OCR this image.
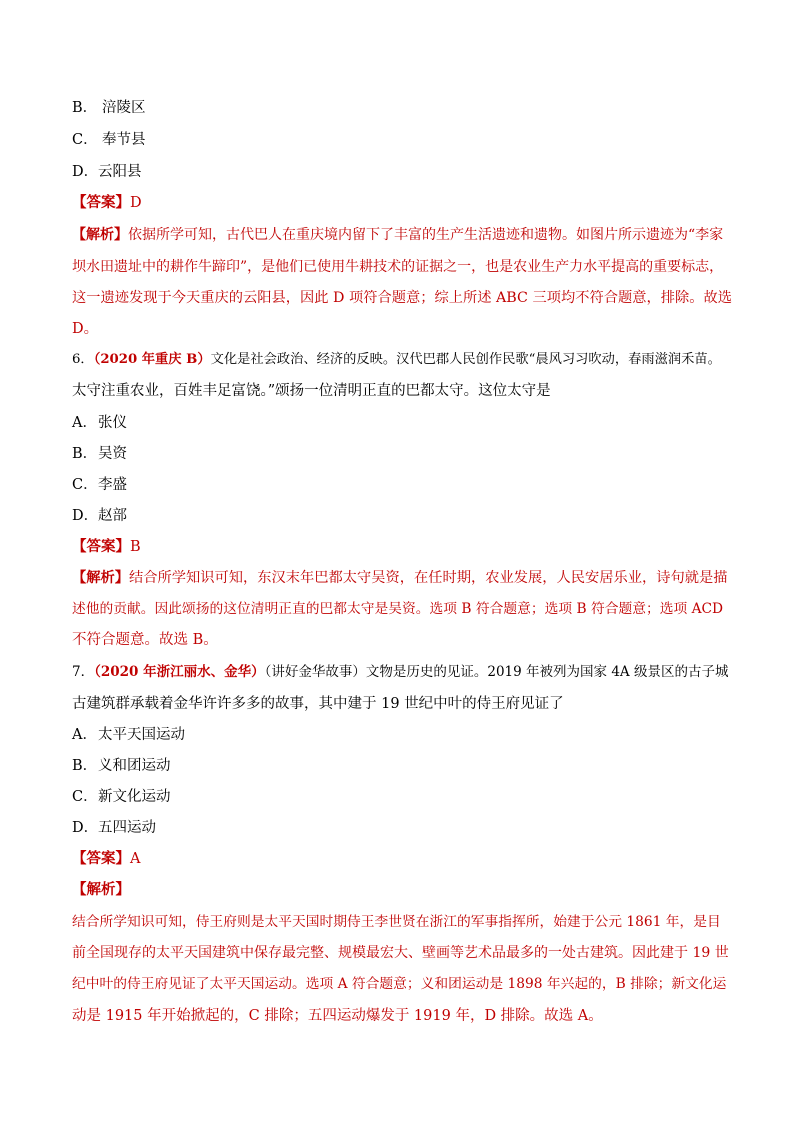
B． 涪陵区
C． 奉节县
D．云阳县
【答案】D
【解析】依据所学可知，古代巴人在重庆境内留下了丰富的生产生活遗迹和遗物。如图片所示遗迹为“李家
坝水田遗址中的耕作牛蹄印”，是他们已使用牛耕技术的证据之一，也是农业生产力水平提高的重要标志，
这一遗迹发现于今天重庆的云阳县，因此 D 项符合题意；综上所述 ABC 三项均不符合题意，排除。故选
D。
6．（2020 年重庆 B）文化是社会政治、经济的反映。汉代巴郡人民创作民歌“晨风习习吹动，春雨滋润禾苗。
太守注重农业，百姓丰足富饶。”颂扬一位清明正直的巴都太守。这位太守是
A．张仪
B．吴资
C．李盛
D．赵部
【答案】B
【解析】结合所学知识可知，东汉末年巴都太守吴资，在任时期，农业发展，人民安居乐业，诗句就是描
述他的贡献。因此颂扬的这位清明正直的巴都太守是吴资。选项 B 符合题意；选项 B 符合题意；选项 ACD
不符合题意。故选 B。
7．（2020 年浙江丽水、金华）（讲好金华故事）文物是历史的见证。2019 年被列为国家 4A 级景区的古子城
古建筑群承载着金华许许多多的故事，其中建于 19 世纪中叶的侍王府见证了
A．太平天国运动
B．义和团运动
C．新文化运动
D．五四运动
【答案】A
【解析】
结合所学知识可知，侍王府则是太平天国时期侍王李世贤在浙江的军事指挥所，始建于公元 1861 年，是目
前全国现存的太平天国建筑中保存最完整、规模最宏大、壁画等艺术品最多的一处古建筑。因此建于 19 世
纪中叶的侍王府见证了太平天国运动。选项 A 符合题意；义和团运动是 1898 年兴起的，B 排除；新文化运
动是 1915 年开始掀起的，C 排除；五四运动爆发于 1919 年，D 排除。故选 A。
